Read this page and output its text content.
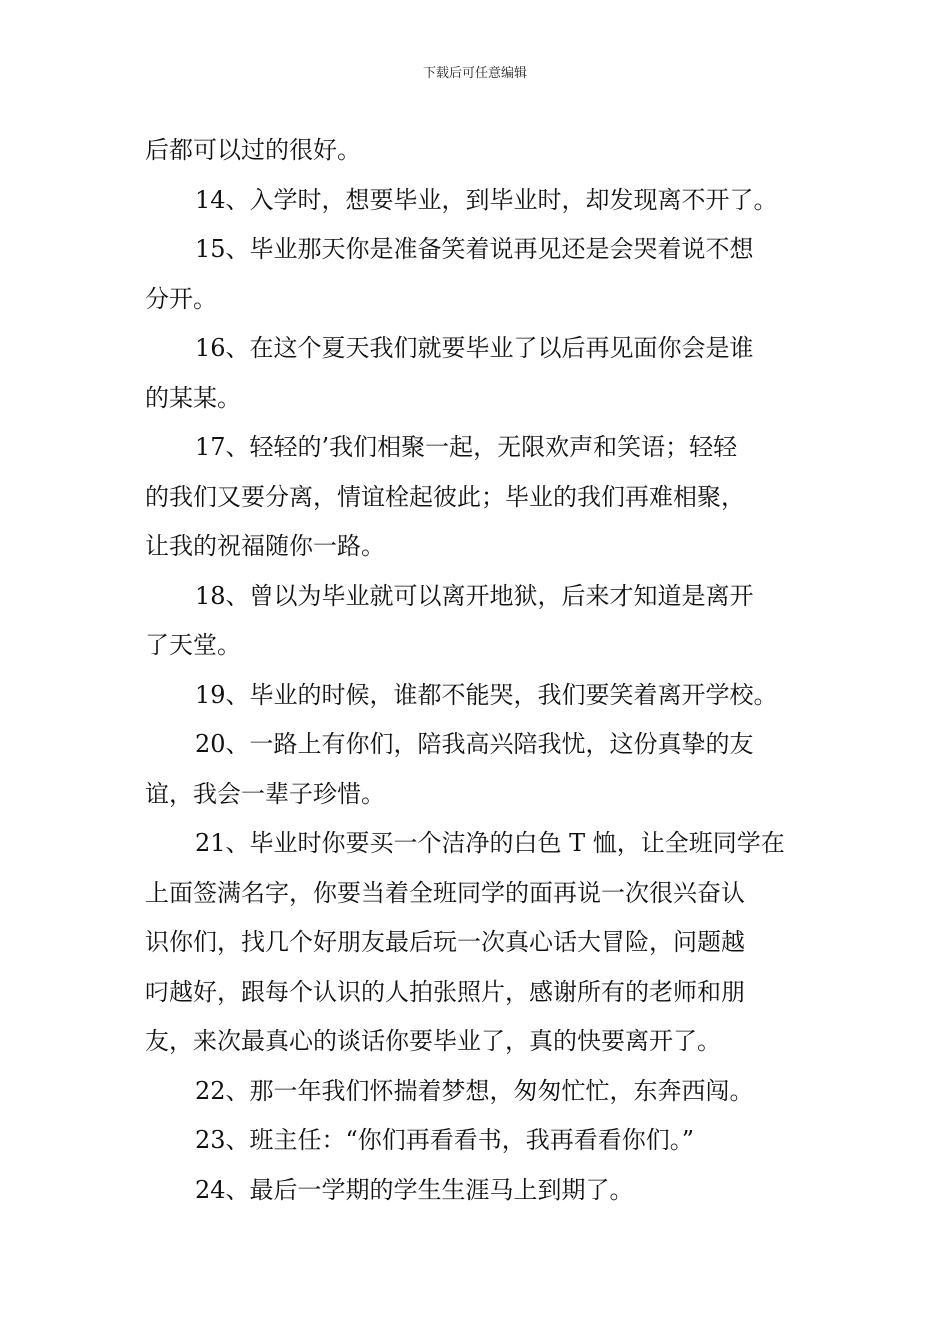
下载后可任意编辑
后都可以过的很好。
14、入学时，想要毕业，到毕业时，却发现离不开了。
15、毕业那天你是准备笑着说再见还是会哭着说不想
分开。
16、在这个夏天我们就要毕业了以后再见面你会是谁
的某某。
17、轻轻的’我们相聚一起，无限欢声和笑语；轻轻
的我们又要分离，情谊栓起彼此；毕业的我们再难相聚，
让我的祝福随你一路。
18、曾以为毕业就可以离开地狱，后来才知道是离开
了天堂。
19、毕业的时候，谁都不能哭，我们要笑着离开学校。
20、一路上有你们，陪我高兴陪我忧，这份真挚的友
谊，我会一辈子珍惜。
21、毕业时你要买一个洁净的白色 T 恤，让全班同学在
上面签满名字，你要当着全班同学的面再说一次很兴奋认
识你们，找几个好朋友最后玩一次真心话大冒险，问题越
叼越好，跟每个认识的人拍张照片，感谢所有的老师和朋
友，来次最真心的谈话你要毕业了，真的快要离开了。
22、那一年我们怀揣着梦想，匆匆忙忙，东奔西闯。
23、班主任：“你们再看看书，我再看看你们。”
24、最后一学期的学生生涯马上到期了。
